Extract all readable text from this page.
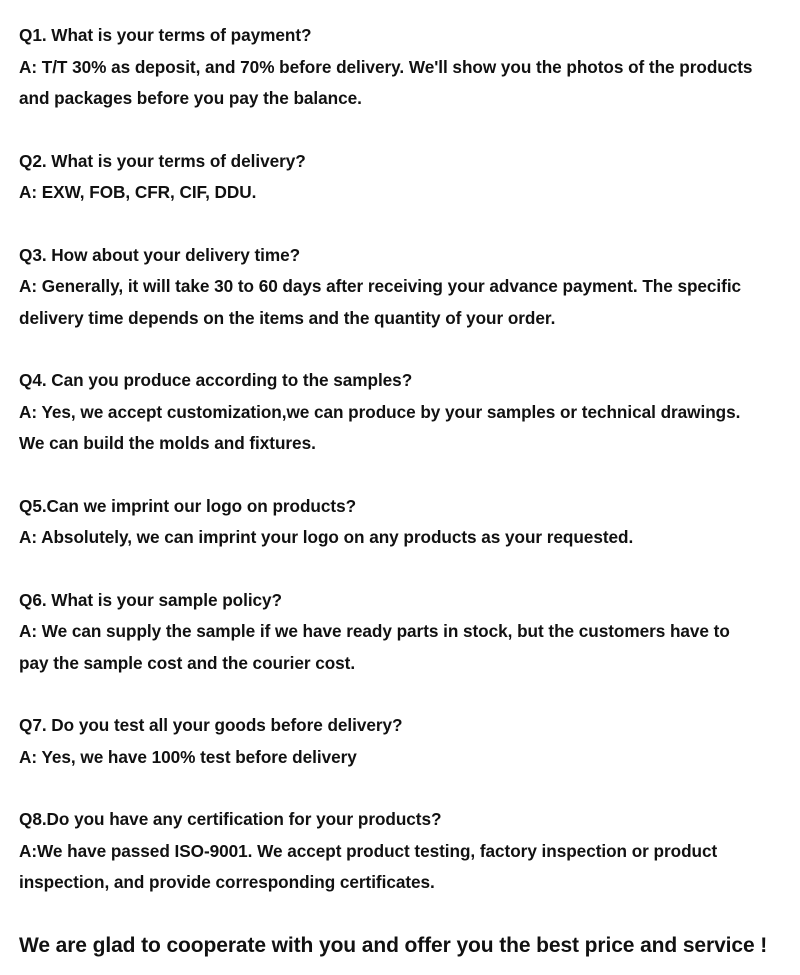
Q1. What is your terms of payment?
A: T/T 30% as deposit, and 70% before delivery. We'll show you the photos of the products
and packages before you pay the balance.
Q2. What is your terms of delivery?
A: EXW, FOB, CFR, CIF, DDU.
Q3. How about your delivery time?
A: Generally, it will take 30 to 60 days after receiving your advance payment. The specific
delivery time depends on the items and the quantity of your order.
Q4. Can you produce according to the samples?
A: Yes, we accept customization,we can produce by your samples or technical drawings.
We can build the molds and fixtures.
Q5.Can we imprint our logo on products?
A: Absolutely, we can imprint your logo on any products as your requested.
Q6. What is your sample policy?
A: We can supply the sample if we have ready parts in stock, but the customers have to
pay the sample cost and the courier cost.
Q7. Do you test all your goods before delivery?
A: Yes, we have 100% test before delivery
Q8.Do you have any certification for your products?
A:We have passed ISO-9001. We accept product testing, factory inspection or product
inspection, and provide corresponding certificates.
We are glad to cooperate with you and offer you the best price and service !
